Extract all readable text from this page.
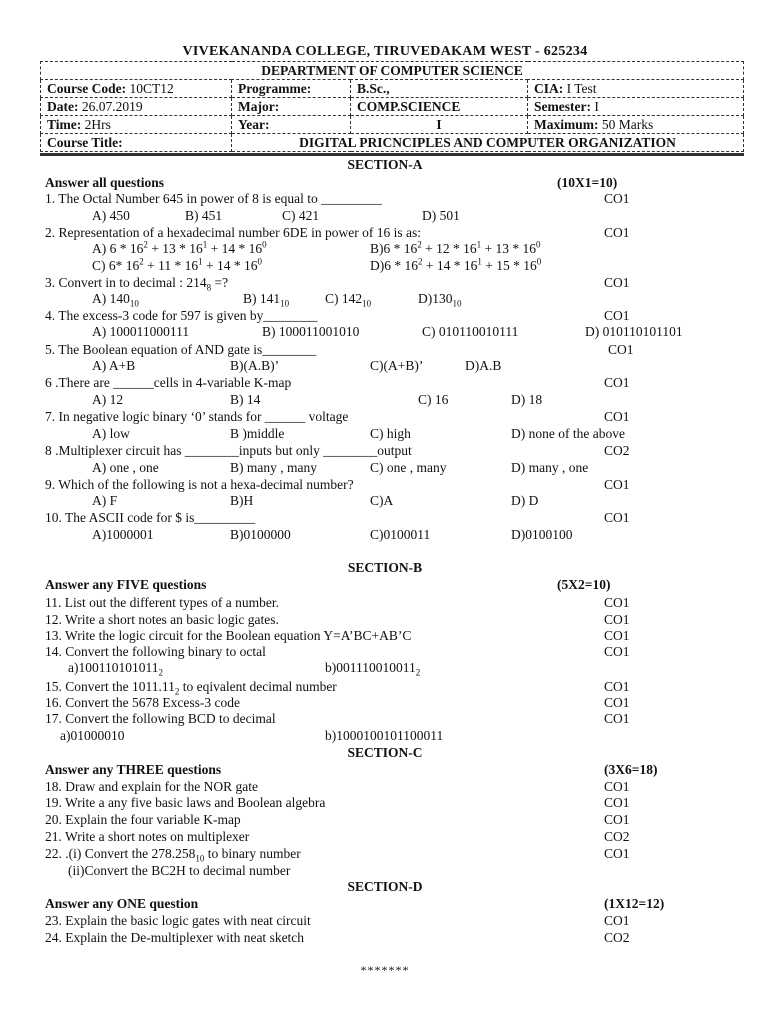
VIVEKANANDA COLLEGE, TIRUVEDAKAM WEST - 625234
DEPARTMENT OF COMPUTER SCIENCE			
Course Code: 10CT12	Programme:	B.Sc.,	CIA: I Test
Date: 26.07.2019	Major:	COMP.SCIENCE	Semester: I
Time: 2Hrs	Year:	I	Maximum: 50 Marks
Course Title:	DIGITAL PRICNCIPLES AND COMPUTER ORGANIZATION		
SECTION-A
Answer all questions	(10X1=10)
1. The Octal Number 645 in power of 8 is equal to _________	CO1
A) 450	B) 451	C) 421	D) 501
2. Representation of a hexadecimal number 6DE in power of 16 is as:	CO1
A) $6 * 16^2 + 13 * 16^1 + 14 * 16^0$	$B)6 * 16^2 + 12 * 16^1 + 13 * 16^0$
C) 6* $16^2 + 11 * 16^1 + 14 * 16^0$	$D)6 * 16^2 + 14 * 16^1 + 15 * 16^0$
3. Convert in to decimal : $214_8$ =?	CO1
A) $140_{10}$	B) $141_{10}$	C) $142_{10}$	$D)130_{10}$
4. The excess-3 code for 597 is given by________	CO1
A) 100011000111	B) 100011001010	C) 010110010111	D) 010110101101
5. The Boolean equation of AND gate is________	CO1
A) A+B	B)(A.B)’	C)(A+B)’	D)A.B
6 .There are ______cells in 4-variable K-map	CO1
A) 12	B) 14	C) 16	D) 18
7. In negative logic binary ‘0’ stands for ______ voltage	CO1
A) low	B )middle	C) high	D) none of the above
8 .Multiplexer circuit has ________inputs but only ________output	CO2
A) one , one	B) many , many	C) one , many	D) many , one
9. Which of the following is not a hexa-decimal number?	CO1
A) F	B)H	C)A	D) D
10. The ASCII code for $ is_________	CO1
A)1000001	B)0100000	C)0100011	D)0100100
SECTION-B
Answer any FIVE questions	(5X2=10)
11. List out the different types of a number.	CO1
12. Write a short notes an basic logic gates.	CO1
13. Write the logic circuit for the Boolean equation Y=A’BC+AB’C	CO1
14. Convert the following binary to octal	CO1
$a)100110101011_2$	$b)001110010011_2$
15. Convert the $1011.11_2$ to eqivalent decimal number	CO1
16. Convert the 5678 Excess-3 code	CO1
17. Convert the following BCD to decimal	CO1
a)01000010	b)1000100101100011
SECTION-C
Answer any THREE questions	(3X6=18)
18. Draw and explain for the NOR gate	CO1
19. Write a any five basic laws and Boolean algebra	CO1
20. Explain the four variable K-map	CO1
21. Write a short notes on multiplexer	CO2
22. .(i) Convert the $278.258_{10}$ to binary number	CO1
(ii)Convert the BC2H to decimal number
SECTION-D
Answer any ONE question	(1X12=12)
23. Explain the basic logic gates with neat circuit	CO1
24. Explain the De-multiplexer with neat sketch	CO2
*******
